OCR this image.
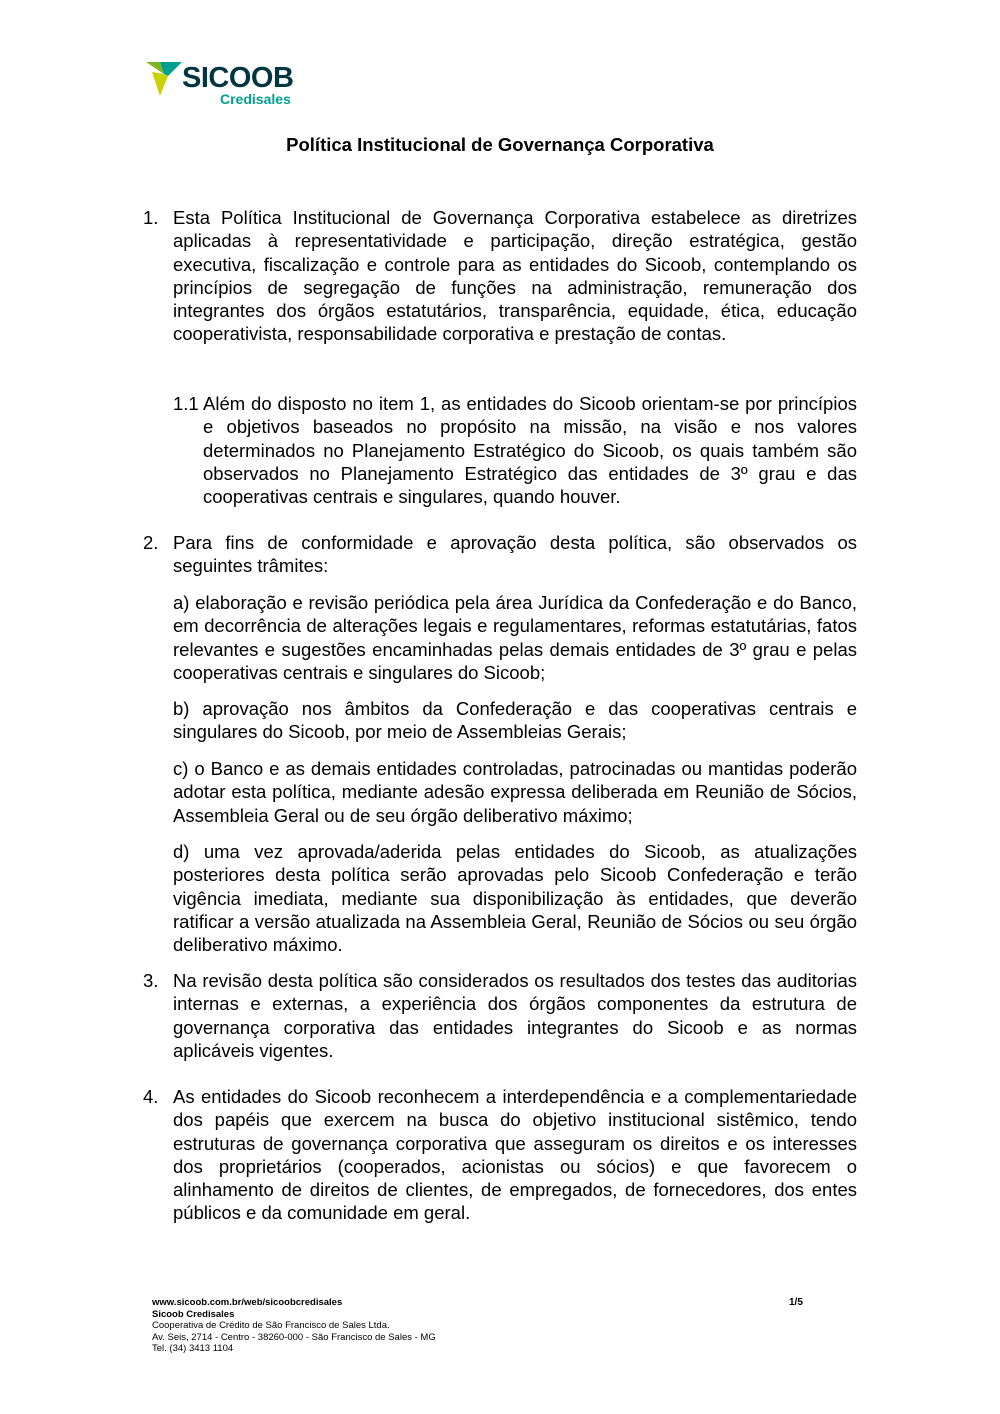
SICOOB
Credisales
Política Institucional de Governança Corporativa
1. Esta Política Institucional de Governança Corporativa estabelece as diretrizes aplicadas à representatividade e participação, direção estratégica, gestão executiva, fiscalização e controle para as entidades do Sicoob, contemplando os princípios de segregação de funções na administração, remuneração dos integrantes dos órgãos estatutários, transparência, equidade, ética, educação cooperativista, responsabilidade corporativa e prestação de contas.
1.1 Além do disposto no item 1, as entidades do Sicoob orientam-se por princípios e objetivos baseados no propósito na missão, na visão e nos valores determinados no Planejamento Estratégico do Sicoob, os quais também são observados no Planejamento Estratégico das entidades de 3º grau e das cooperativas centrais e singulares, quando houver.
2. Para fins de conformidade e aprovação desta política, são observados os seguintes trâmites:
a) elaboração e revisão periódica pela área Jurídica da Confederação e do Banco, em decorrência de alterações legais e regulamentares, reformas estatutárias, fatos relevantes e sugestões encaminhadas pelas demais entidades de 3º grau e pelas cooperativas centrais e singulares do Sicoob;
b) aprovação nos âmbitos da Confederação e das cooperativas centrais e singulares do Sicoob, por meio de Assembleias Gerais;
c) o Banco e as demais entidades controladas, patrocinadas ou mantidas poderão adotar esta política, mediante adesão expressa deliberada em Reunião de Sócios, Assembleia Geral ou de seu órgão deliberativo máximo;
d) uma vez aprovada/aderida pelas entidades do Sicoob, as atualizações posteriores desta política serão aprovadas pelo Sicoob Confederação e terão vigência imediata, mediante sua disponibilização às entidades, que deverão ratificar a versão atualizada na Assembleia Geral, Reunião de Sócios ou seu órgão deliberativo máximo.
3. Na revisão desta política são considerados os resultados dos testes das auditorias internas e externas, a experiência dos órgãos componentes da estrutura de governança corporativa das entidades integrantes do Sicoob e as normas aplicáveis vigentes.
4. As entidades do Sicoob reconhecem a interdependência e a complementariedade dos papéis que exercem na busca do objetivo institucional sistêmico, tendo estruturas de governança corporativa que asseguram os direitos e os interesses dos proprietários (cooperados, acionistas ou sócios) e que favorecem o alinhamento de direitos de clientes, de empregados, de fornecedores, dos entes públicos e da comunidade em geral.
www.sicoob.com.br/web/sicoobcredisales
Sicoob Credisales
Cooperativa de Crédito de São Francisco de Sales Ltda.
Av. Seis, 2714 - Centro - 38260-000 - São Francisco de Sales - MG
Tel. (34) 3413 1104
1/5
